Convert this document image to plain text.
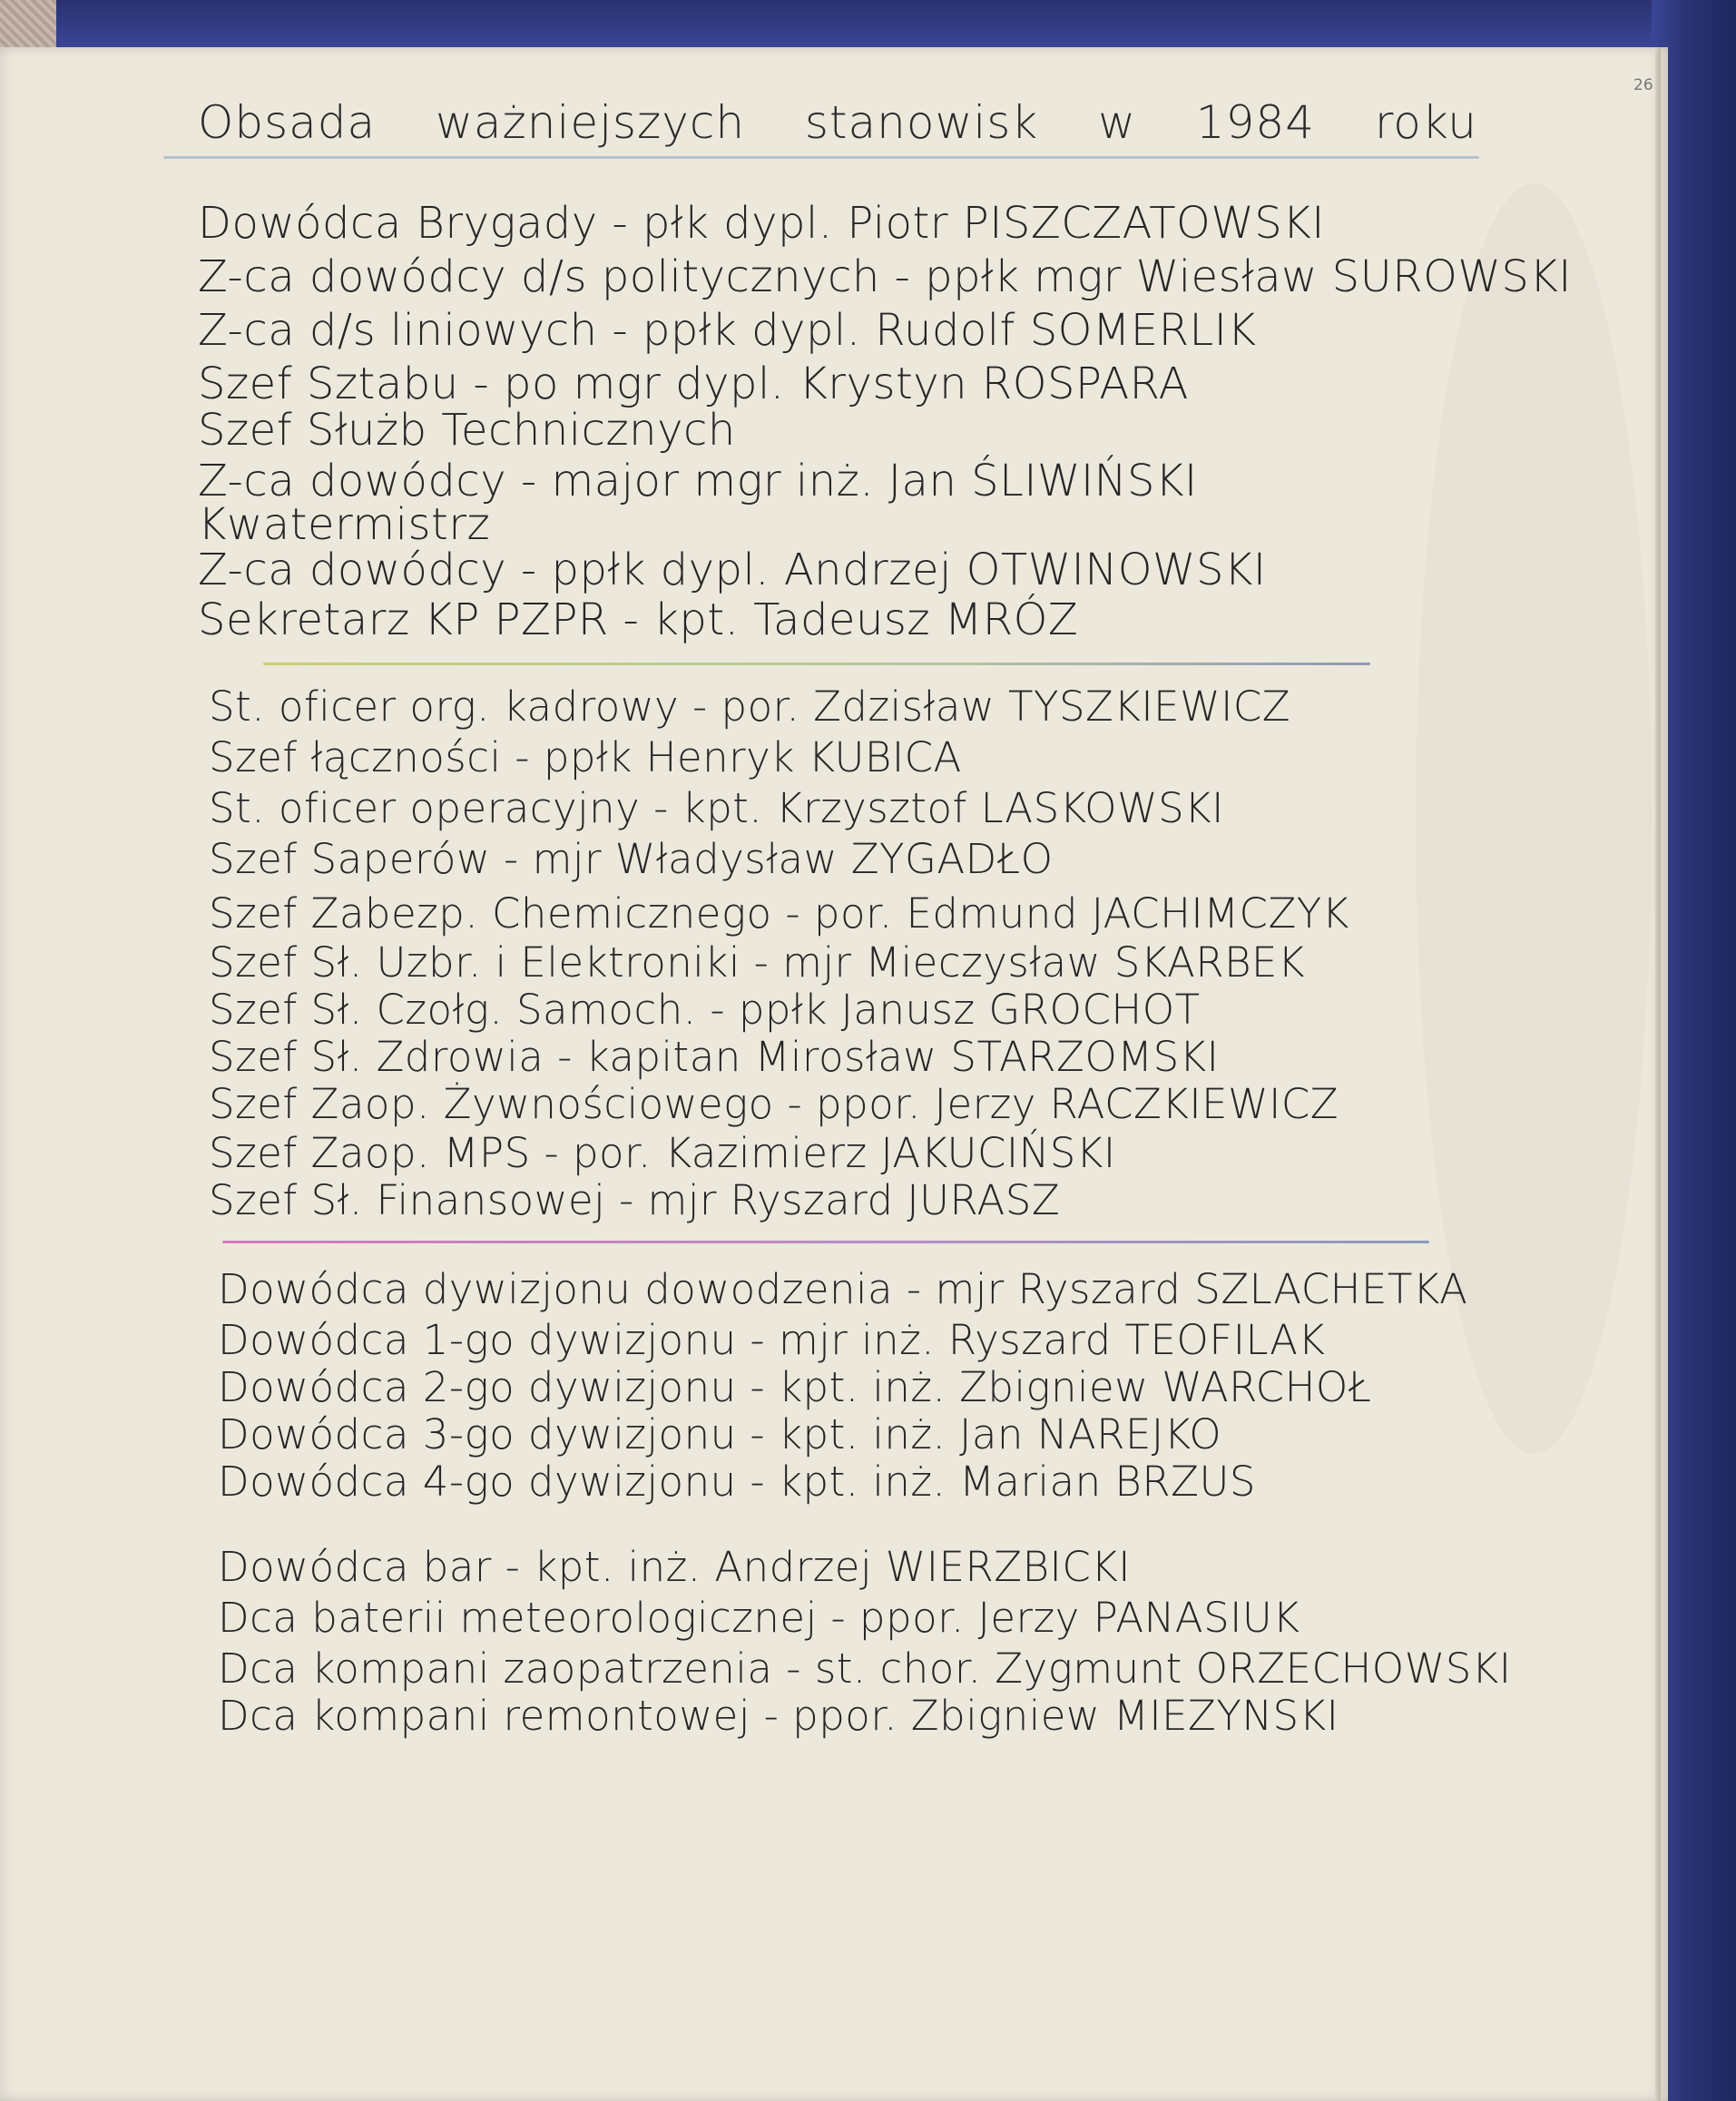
26
Obsada ważniejszych stanowisk w 1984 roku
Dowódca Brygady - płk dypl. Piotr PISZCZATOWSKI
Z-ca dowódcy d/s politycznych - ppłk mgr Wiesław SUROWSKI
Z-ca d/s liniowych - ppłk dypl. Rudolf SOMERLIK
Szef Sztabu - po mgr dypl. Krystyn ROSPARA
Szef Służb Technicznych
Z-ca dowódcy - major mgr inż. Jan ŚLIWIŃSKI
Kwatermistrz
Z-ca dowódcy - ppłk dypl. Andrzej OTWINOWSKI
Sekretarz KP PZPR - kpt. Tadeusz MRÓZ
St. oficer org. kadrowy - por. Zdzisław TYSZKIEWICZ
Szef łączności - ppłk Henryk KUBICA
St. oficer operacyjny - kpt. Krzysztof LASKOWSKI
Szef Saperów - mjr Władysław ZYGADŁO
Szef Zabezp. Chemicznego - por. Edmund JACHIMCZYK
Szef Sł. Uzbr. i Elektroniki - mjr Mieczysław SKARBEK
Szef Sł. Czołg. Samoch. - ppłk Janusz GROCHOT
Szef Sł. Zdrowia - kapitan Mirosław STARZOMSKI
Szef Zaop. Żywnościowego - ppor. Jerzy RACZKIEWICZ
Szef Zaop. MPS - por. Kazimierz JAKUCIŃSKI
Szef Sł. Finansowej - mjr Ryszard JURASZ
Dowódca dywizjonu dowodzenia - mjr Ryszard SZLACHETKA
Dowódca 1-go dywizjonu - mjr inż. Ryszard TEOFILAK
Dowódca 2-go dywizjonu - kpt. inż. Zbigniew WARCHOŁ
Dowódca 3-go dywizjonu - kpt. inż. Jan NAREJKO
Dowódca 4-go dywizjonu - kpt. inż. Marian BRZUS
Dowódca bar - kpt. inż. Andrzej WIERZBICKI
Dca baterii meteorologicznej - ppor. Jerzy PANASIUK
Dca kompani zaopatrzenia - st. chor. Zygmunt ORZECHOWSKI
Dca kompani remontowej - ppor. Zbigniew MIEZYNSKI
